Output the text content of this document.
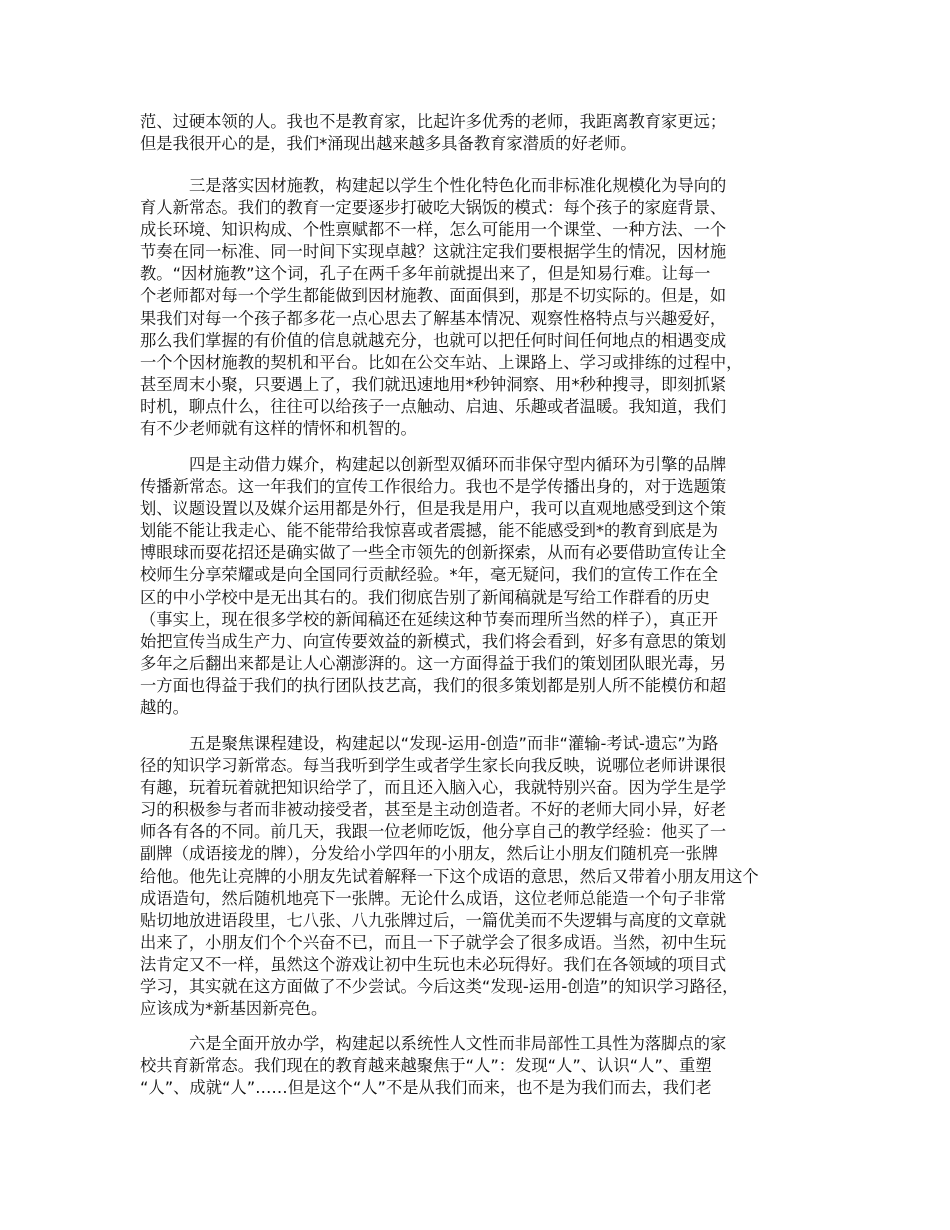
范、过硬本领的人。我也不是教育家，比起许多优秀的老师，我距离教育家更远；
但是我很开心的是，我们*涌现出越来越多具备教育家潜质的好老师。
三是落实因材施教，构建起以学生个性化特色化而非标准化规模化为导向的
育人新常态。我们的教育一定要逐步打破吃大锅饭的模式：每个孩子的家庭背景、
成长环境、知识构成、个性禀赋都不一样，怎么可能用一个课堂、一种方法、一个
节奏在同一标准、同一时间下实现卓越？这就注定我们要根据学生的情况，因材施
教。“因材施教”这个词，孔子在两千多年前就提出来了，但是知易行难。让每一
个老师都对每一个学生都能做到因材施教、面面俱到，那是不切实际的。但是，如
果我们对每一个孩子都多花一点心思去了解基本情况、观察性格特点与兴趣爱好，
那么我们掌握的有价值的信息就越充分，也就可以把任何时间任何地点的相遇变成
一个个因材施教的契机和平台。比如在公交车站、上课路上、学习或排练的过程中，
甚至周末小聚，只要遇上了，我们就迅速地用*秒钟洞察、用*秒种搜寻，即刻抓紧
时机，聊点什么，往往可以给孩子一点触动、启迪、乐趣或者温暖。我知道，我们
有不少老师就有这样的情怀和机智的。
四是主动借力媒介，构建起以创新型双循环而非保守型内循环为引擎的品牌
传播新常态。这一年我们的宣传工作很给力。我也不是学传播出身的，对于选题策
划、议题设置以及媒介运用都是外行，但是我是用户，我可以直观地感受到这个策
划能不能让我走心、能不能带给我惊喜或者震撼，能不能感受到*的教育到底是为
博眼球而耍花招还是确实做了一些全市领先的创新探索，从而有必要借助宣传让全
校师生分享荣耀或是向全国同行贡献经验。*年，毫无疑问，我们的宣传工作在全
区的中小学校中是无出其右的。我们彻底告别了新闻稿就是写给工作群看的历史
（事实上，现在很多学校的新闻稿还在延续这种节奏而理所当然的样子），真正开
始把宣传当成生产力、向宣传要效益的新模式，我们将会看到，好多有意思的策划
多年之后翻出来都是让人心潮澎湃的。这一方面得益于我们的策划团队眼光毒，另
一方面也得益于我们的执行团队技艺高，我们的很多策划都是别人所不能模仿和超
越的。
五是聚焦课程建设，构建起以“发现-运用-创造”而非“灌输-考试-遗忘”为路
径的知识学习新常态。每当我听到学生或者学生家长向我反映，说哪位老师讲课很
有趣，玩着玩着就把知识给学了，而且还入脑入心，我就特别兴奋。因为学生是学
习的积极参与者而非被动接受者，甚至是主动创造者。不好的老师大同小异，好老
师各有各的不同。前几天，我跟一位老师吃饭，他分享自己的教学经验：他买了一
副牌（成语接龙的牌），分发给小学四年的小朋友，然后让小朋友们随机亮一张牌
给他。他先让亮牌的小朋友先试着解释一下这个成语的意思，然后又带着小朋友用这个
成语造句，然后随机地亮下一张牌。无论什么成语，这位老师总能造一个句子非常
贴切地放进语段里，七八张、八九张牌过后，一篇优美而不失逻辑与高度的文章就
出来了，小朋友们个个兴奋不已，而且一下子就学会了很多成语。当然，初中生玩
法肯定又不一样，虽然这个游戏让初中生玩也未必玩得好。我们在各领域的项目式
学习，其实就在这方面做了不少尝试。今后这类“发现-运用-创造”的知识学习路径，
应该成为*新基因新亮色。
六是全面开放办学，构建起以系统性人文性而非局部性工具性为落脚点的家
校共育新常态。我们现在的教育越来越聚焦于“人”：发现“人”、认识“人”、重塑
“人”、成就“人”……但是这个“人”不是从我们而来，也不是为我们而去，我们老
